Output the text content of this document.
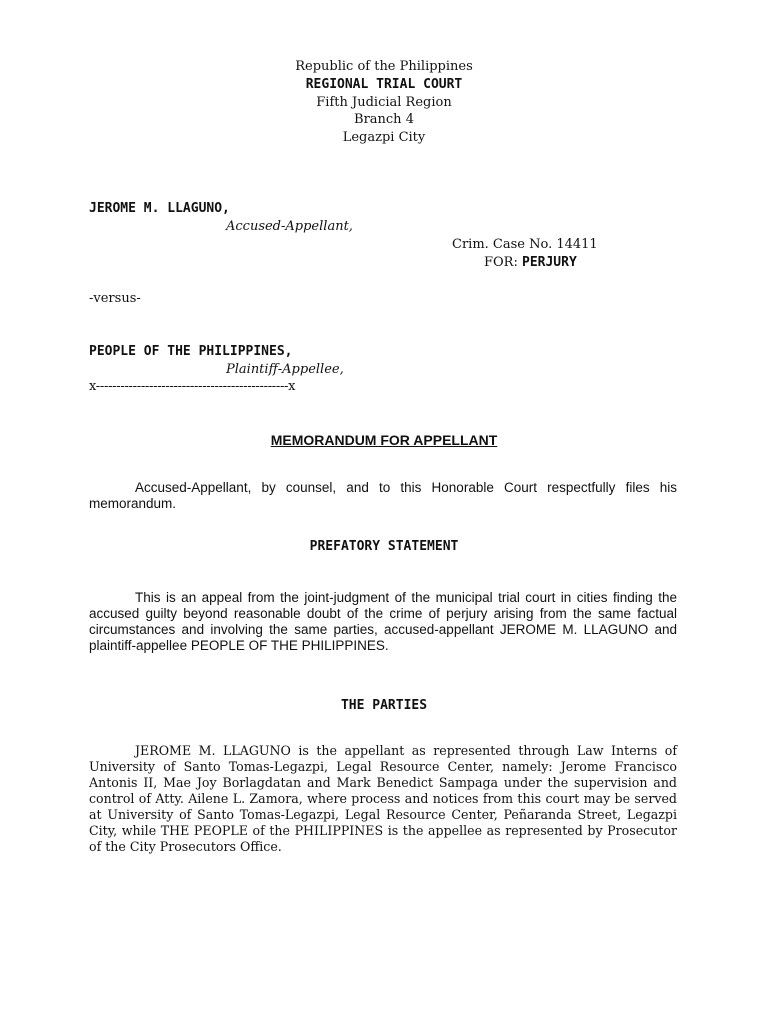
Republic of the Philippines
REGIONAL TRIAL COURT
Fifth Judicial Region
Branch 4
Legazpi City
JEROME M. LLAGUNO,
Accused-Appellant,
Crim. Case No. 14411
FOR: PERJURY
-versus-
PEOPLE OF THE PHILIPPINES,
Plaintiff-Appellee,
x-----------------------------------------------x
MEMORANDUM FOR APPELLANT

Accused-Appellant, by counsel, and to this Honorable Court respectfully files his memorandum.

PREFATORY STATEMENT

This is an appeal from the joint-judgment of the municipal trial court in cities finding the accused guilty beyond reasonable doubt of the crime of perjury arising from the same factual circumstances and involving the same parties, accused-appellant JEROME M. LLAGUNO and plaintiff-appellee PEOPLE OF THE PHILIPPINES.

THE PARTIES

JEROME M. LLAGUNO is the appellant as represented through Law Interns of University of Santo Tomas-Legazpi, Legal Resource Center, namely: Jerome Francisco Antonis II, Mae Joy Borlagdatan and Mark Benedict Sampaga under the supervision and control of Atty. Ailene L. Zamora, where process and notices from this court may be served at University of Santo Tomas-Legazpi, Legal Resource Center, Peñaranda Street, Legazpi City, while THE PEOPLE of the PHILIPPINES is the appellee as represented by Prosecutor of the City Prosecutors Office.
